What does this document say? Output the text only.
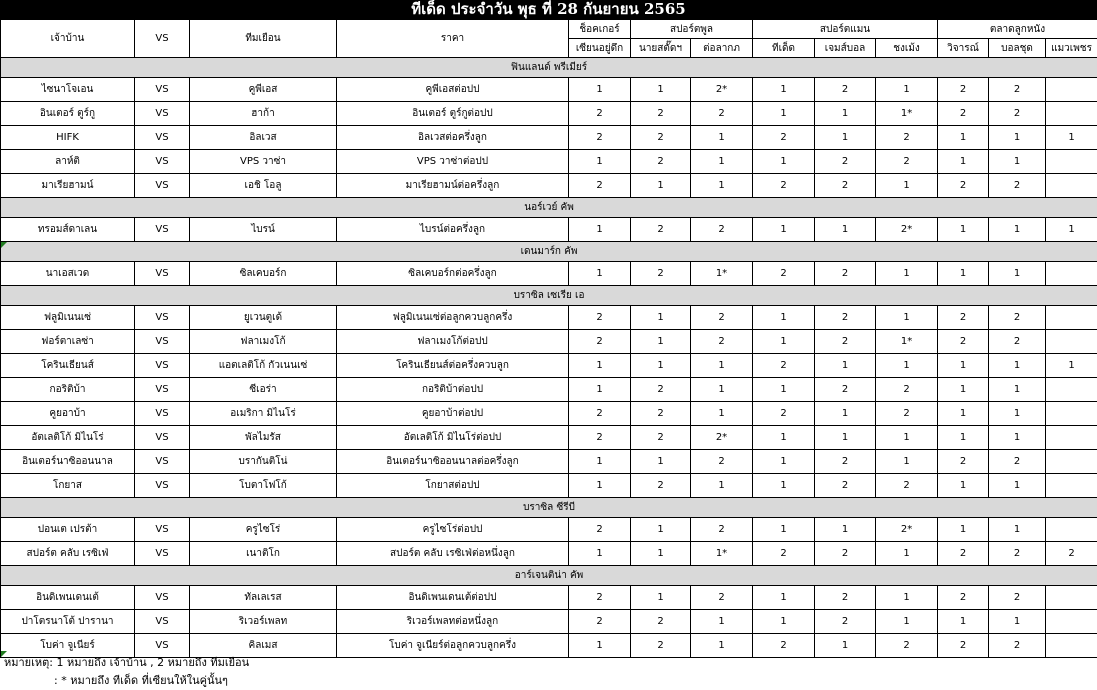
ทีเด็ด ประจำวัน พุธ ที่ 28 กันยายน 2565
เจ้าบ้าน	VS	ทีมเยือน	ราคา	ช็อคเกอร์	สปอร์ตพูล		สปอร์ตแมน			ตลาดลูกหนัง		
				เซียนอยู่ดึก	นายสตั๊ดฯ	ต่อลากภ	ทีเด็ด	เจมส์บอล	ชงเม้ง	วิจารณ์	บอลชุด	แมวเพชร
ฟินแลนด์ พรีเมียร์												
ไซนาโจเอน	VS	คูพีเอส	คูพีเอสต่อปป	1	1	2*	1	2	1	2	2	
อินเตอร์ ตูร์กู	VS	ฮาก้า	อินเตอร์ ตูร์กูต่อปป	2	2	2	1	1	1*	2	2	
HIFK	VS	อิลเวส	อิลเวสต่อครึ่งลูก	2	2	1	2	1	2	1	1	1
ลาห์ติ	VS	VPS วาซ่า	VPS วาซ่าต่อปป	1	2	1	1	2	2	1	1	
มาเรียฮามน์	VS	เอชิ โอลู	มาเรียฮามน์ต่อครึ่งลูก	2	1	1	2	2	1	2	2	
นอร์เวย์ คัพ												
ทรอมส์ดาเลน	VS	ไบรน์	ไบรน์ต่อครึ่งลูก	1	2	2	1	1	2*	1	1	1
เดนมาร์ก คัพ												
นาเอสเวด	VS	ซิลเคบอร์ก	ซิลเคบอร์กต่อครึ่งลูก	1	2	1*	2	2	1	1	1	
บราซิล เซเรีย เอ												
ฟลูมิเนนเซ่	VS	ยูเวนตูเด้	ฟลูมิเนนเซ่ต่อลูกควบลูกครึ่ง	2	1	2	1	2	1	2	2	
ฟอร์ตาเลซ่า	VS	ฟลาเมงโก้	ฟลาเมงโก้ต่อปป	2	1	2	1	2	1*	2	2	
โครินเธียนส์	VS	แอตเลติโก้ กัวเนนเซ่	โครินเธียนส์ต่อครึ่งควบลูก	1	1	1	2	1	1	1	1	1
กอริติบ้า	VS	ซีเอร่า	กอริติบ้าต่อปป	1	2	1	1	2	2	1	1	
คูยอาบ้า	VS	อเมริกา มิไนโร่	คูยอาบ้าต่อปป	2	2	1	2	1	2	1	1	
อัตเลติโก้ มิไนโร่	VS	พัลไมรัส	อัตเลติโก้ มิไนโร่ต่อปป	2	2	2*	1	1	1	1	1	
อินเตอร์นาซิออนนาล	VS	บรากันติโน่	อินเตอร์นาซิออนนาลต่อครึ่งลูก	1	1	2	1	2	1	2	2	
โกยาส	VS	โบตาโฟโก้	โกยาสต่อปป	1	2	1	1	2	2	1	1	
บราซิล ซีรีบี												
ปอนเต เปรต้า	VS	ครูไซโร่	ครูไซโร่ต่อปป	2	1	2	1	1	2*	1	1	
สปอร์ต คลับ เรซิเฟ่	VS	เนาติโก	สปอร์ต คลับ เรซิเฟ่ต่อหนึ่งลูก	1	1	1*	2	2	1	2	2	2
อาร์เจนติน่า คัพ												
อินดิเพนเดนเต้	VS	ทัลเลเรส	อินดิเพนเดนเต้ต่อปป	2	1	2	1	2	1	2	2	
ปาโตรนาโต้ ปารานา	VS	ริเวอร์เพลท	ริเวอร์เพลทต่อหนึ่งลูก	2	2	1	1	2	1	1	1	
โบค่า จูเนียร์	VS	คิลเมส	โบค่า จูเนียร์ต่อลูกควบลูกครึ่ง	1	2	1	2	1	2	2	2	
หมายเหตุ: 1 หมายถึง เจ้าบ้าน , 2 หมายถึง ทีมเยือน
: * หมายถึง ทีเด็ด ที่เซียนให้ในคู่นั้นๆ
